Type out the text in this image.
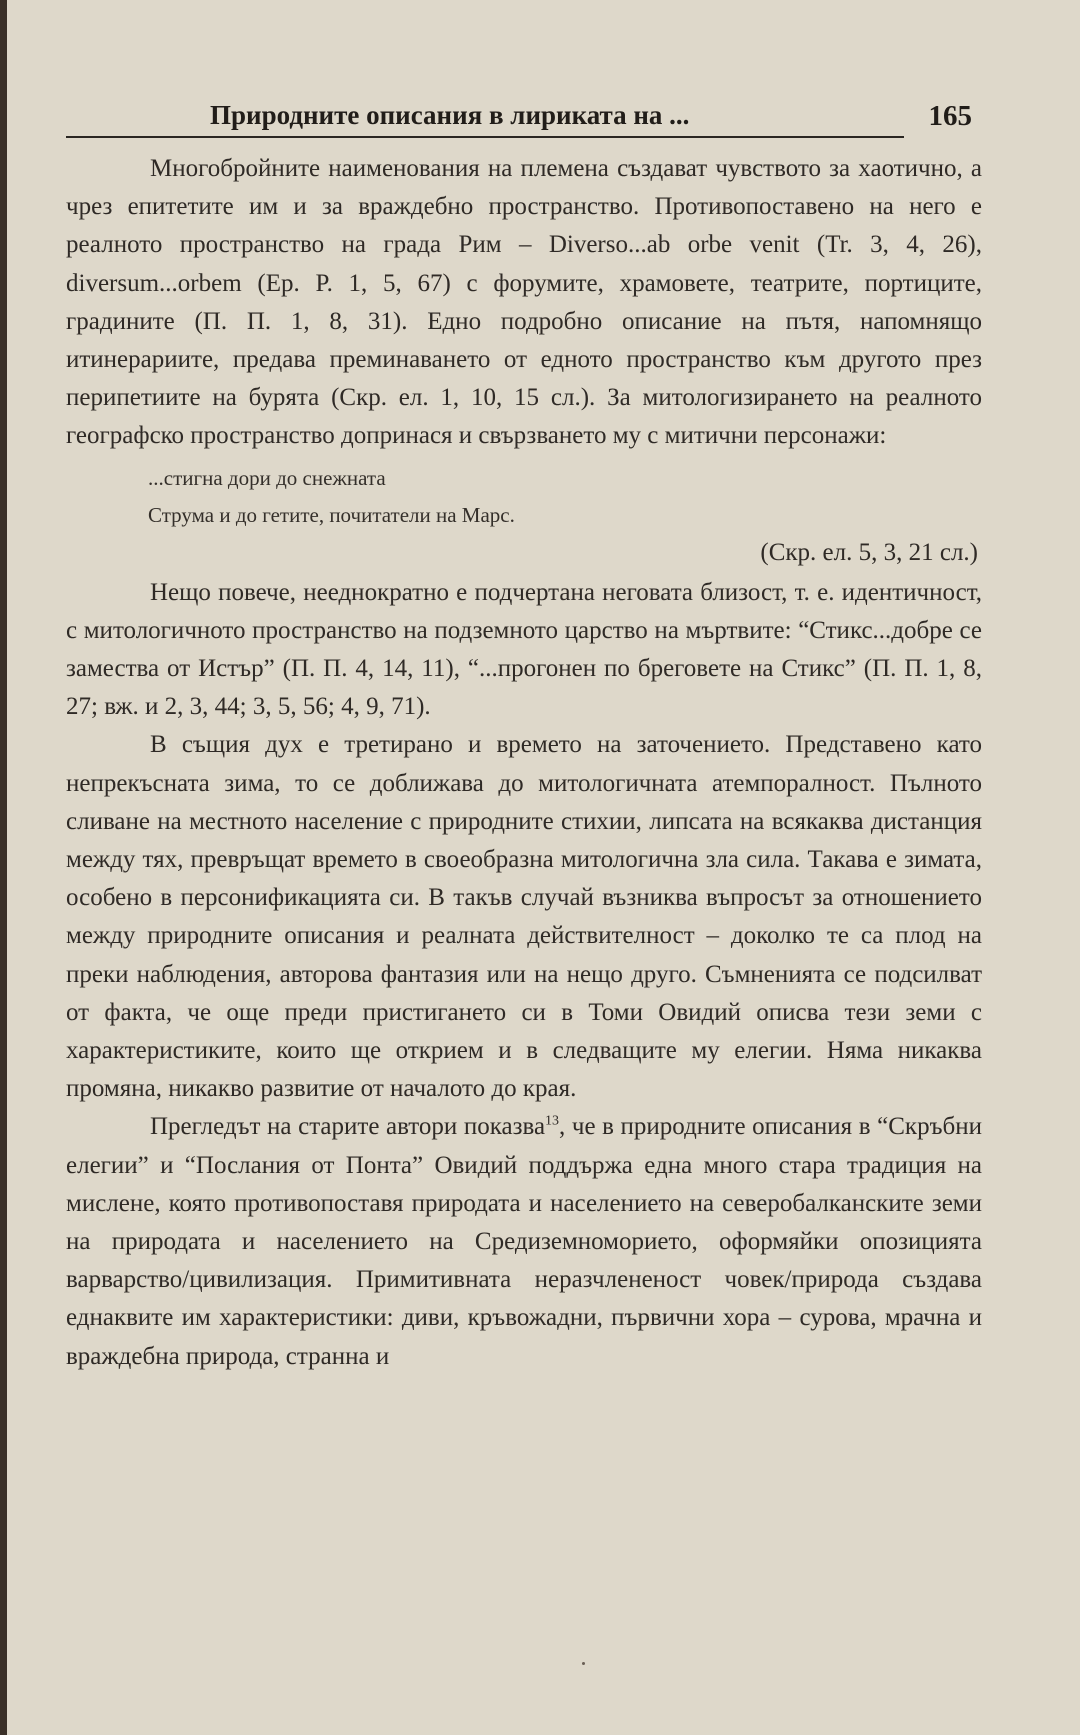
Природните описания в лириката на ...	165

Многобройните наименования на племена създават чувството за хаотично, а чрез епитетите им и за враждебно пространство. Противопоставено на него е реалното пространство на града Рим – Diverso...ab orbe venit (Tr. 3, 4, 26), diversum...orbem (Ep. P. 1, 5, 67) с форумите, храмовете, театрите, портиците, градините (П. П. 1, 8, 31). Едно подробно описание на пътя, напомнящо итинерариите, предава преминаването от едното пространство към другото през перипетиите на бурята (Скр. ел. 1, 10, 15 сл.). За митологизирането на реалното географско пространство допринася и свързването му с митични персонажи:

...стигна дори до снежната
Струма и до гетите, почитатели на Марс.
(Скр. ел. 5, 3, 21 сл.)

Нещо повече, нееднократно е подчертана неговата близост, т. е. идентичност, с митологичното пространство на подземното царство на мъртвите: “Стикс...добре се замества от Истър” (П. П. 4, 14, 11), “...прогонен по бреговете на Стикс” (П. П. 1, 8, 27; вж. и 2, 3, 44; 3, 5, 56; 4, 9, 71).

В същия дух е третирано и времето на заточението. Представено като непрекъсната зима, то се доближава до митологичната атемпоралност. Пълното сливане на местното население с природните стихии, липсата на всякаква дистанция между тях, превръщат времето в своеобразна митологична зла сила. Такава е зимата, особено в персонификацията си. В такъв случай възниква въпросът за отношението между природните описания и реалната действителност – доколко те са плод на преки наблюдения, авторова фантазия или на нещо друго. Съмненията се подсилват от факта, че още преди пристигането си в Томи Овидий описва тези земи с характеристиките, които ще открием и в следващите му елегии. Няма никаква промяна, никакво развитие от началото до края.

Прегледът на старите автори показва$^{13}$, че в природните описания в “Скръбни елегии” и “Послания от Понта” Овидий поддържа една много стара традиция на мислене, която противопоставя природата и населението на северобалканските земи на природата и населението на Средиземноморието, оформяйки опозицията варварство/цивилизация. Примитивната неразчлененост човек/природа създава еднаквите им характеристики: диви, кръвожадни, първични хора – сурова, мрачна и враждебна природа, странна и
